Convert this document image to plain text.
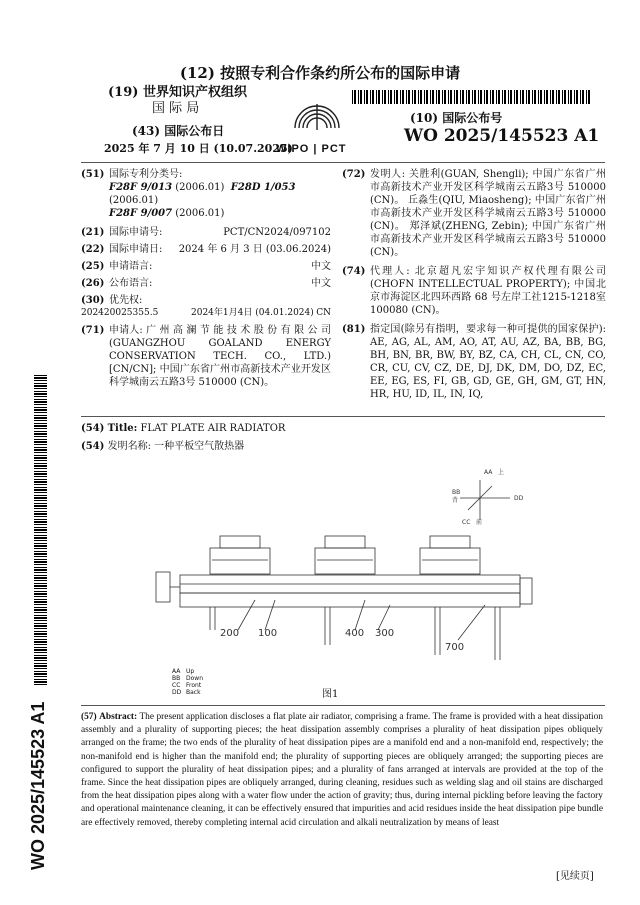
(12) 按照专利合作条约所公布的国际申请
(19) 世界知识产权组织
国 际 局
(43) 国际公布日
2025 年 7 月 10 日 (10.07.2025)
WIPO | PCT
(10) 国际公布号
WO 2025/145523 A1
WO 2025/145523 A1
(51) 国际专利分类号:
F28F 9/013 (2006.01) F28D 1/053 (2006.01)
F28F 9/007 (2006.01)
(21) 国际申请号:	PCT/CN2024/097102
(22) 国际申请日:	2024 年 6 月 3 日 (03.06.2024)
(25) 申请语言:	中文
(26) 公布语言:	中文
(30) 优先权:
202420025355.5	2024年1月4日 (04.01.2024) CN
(71) 申请人: 广 州 高 澜 节 能 技 术 股 份 有 限 公 司 (GUANGZHOU GOALAND ENERGY CONSERVATION TECH. CO., LTD.) [CN/CN]; 中国广东省广州市高新技术产业开发区科学城南云五路3号 510000 (CN)。
(72) 发明人: 关胜利(GUAN, Shengli); 中国广东省广州市高新技术产业开发区科学城南云五路3号 510000 (CN)。 丘淼生(QIU, Miaosheng); 中国广东省广州市高新技术产业开发区科学城南云五路3号 510000 (CN)。 郑泽斌(ZHENG, Zebin); 中国广东省广州市高新技术产业开发区科学城南云五路3号 510000 (CN)。
(74) 代理人: 北京超凡宏宇知识产权代理有限公司(CHOFN INTELLECTUAL PROPERTY); 中国北京市海淀区北四环西路 68 号左岸工社1215-1218室 100080 (CN)。
(81) 指定国(除另有指明，要求每一种可提供的国家保护): AE, AG, AL, AM, AO, AT, AU, AZ, BA, BB, BG, BH, BN, BR, BW, BY, BZ, CA, CH, CL, CN, CO, CR, CU, CV, CZ, DE, DJ, DK, DM, DO, DZ, EC, EE, EG, ES, FI, GB, GD, GE, GH, GM, GT, HN, HR, HU, ID, IL, IN, IQ,
(54) Title: FLAT PLATE AIR RADIATOR
(54) 发明名称: 一种平板空气散热器
200 100	400 300
700
AA 上
BB
背	DD
CC 前
AA Up
BB Down
CC Front
DD Back	图1
(57) Abstract: The present application discloses a flat plate air radiator, comprising a frame. The frame is provided with a heat dissipation assembly and a plurality of supporting pieces; the heat dissipation assembly comprises a plurality of heat dissipation pipes obliquely arranged on the frame; the two ends of the plurality of heat dissipation pipes are a manifold end and a non-manifold end, respectively; the non-manifold end is higher than the manifold end; the plurality of supporting pieces are obliquely arranged; the supporting pieces are configured to support the plurality of heat dissipation pipes; and a plurality of fans arranged at intervals are provided at the top of the frame. Since the heat dissipation pipes are obliquely arranged, during cleaning, residues such as welding slag and oil stains are discharged from the heat dissipation pipes along with a water flow under the action of gravity; thus, during internal pickling before leaving the factory and operational maintenance cleaning, it can be effectively ensured that impurities and acid residues inside the heat dissipation pipe bundle are effectively removed, thereby completing internal acid circulation and alkali neutralization by means of least
[见续页]
